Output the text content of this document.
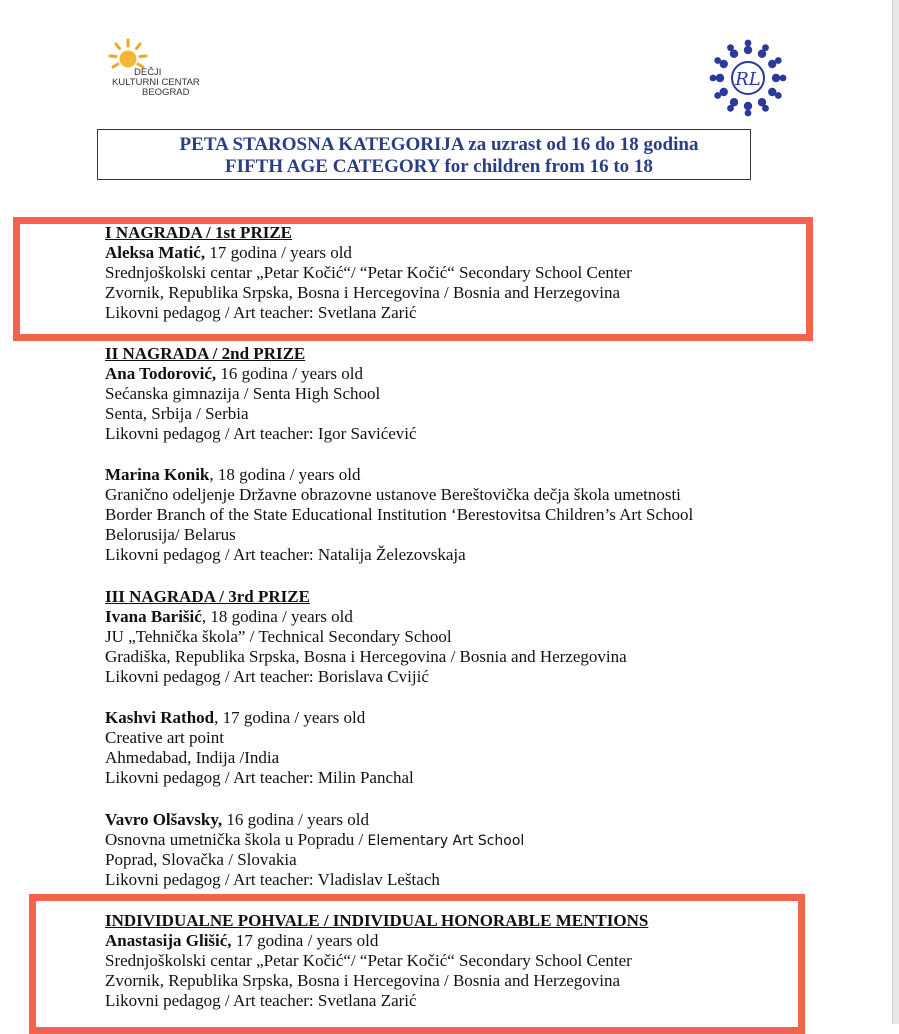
DEČJI
KULTURNI CENTAR
BEOGRAD
RL
PETA STAROSNA KATEGORIJA za uzrast od 16 do 18 godina
FIFTH AGE CATEGORY for children from 16 to 18
I NAGRADA / 1st PRIZE
Aleksa Matić, 17 godina / years old
Srednjoškolski centar „Petar Kočić“/ “Petar Kočić“ Secondary School Center
Zvornik, Republika Srpska, Bosna i Hercegovina / Bosnia and Herzegovina
Likovni pedagog / Art teacher: Svetlana Zarić
II NAGRADA / 2nd PRIZE
Ana Todorović, 16 godina / years old
Sećanska gimnazija / Senta High School
Senta, Srbija / Serbia
Likovni pedagog / Art teacher: Igor Savićević
Marina Konik, 18 godina / years old
Granično odeljenje Državne obrazovne ustanove Bereštovička dečja škola umetnosti
Border Branch of the State Educational Institution ‘Berestovitsa Children’s Art School
Belorusija/ Belarus
Likovni pedagog / Art teacher: Natalija Železovskaja
III NAGRADA / 3rd PRIZE
Ivana Barišić, 18 godina / years old
JU „Tehnička škola” / Technical Secondary School
Gradiška, Republika Srpska, Bosna i Hercegovina / Bosnia and Herzegovina
Likovni pedagog / Art teacher: Borislava Cvijić
Kashvi Rathod, 17 godina / years old
Creative art point
Ahmedabad, Indija /India
Likovni pedagog / Art teacher: Milin Panchal
Vavro Olšavsky, 16 godina / years old
Osnovna umetnička škola u Popradu / Elementary Art School
Poprad, Slovačka / Slovakia
Likovni pedagog / Art teacher: Vladislav Leštach
INDIVIDUALNE POHVALE / INDIVIDUAL HONORABLE MENTIONS
Anastasija Glišić, 17 godina / years old
Srednjoškolski centar „Petar Kočić“/ “Petar Kočić“ Secondary School Center
Zvornik, Republika Srpska, Bosna i Hercegovina / Bosnia and Herzegovina
Likovni pedagog / Art teacher: Svetlana Zarić
